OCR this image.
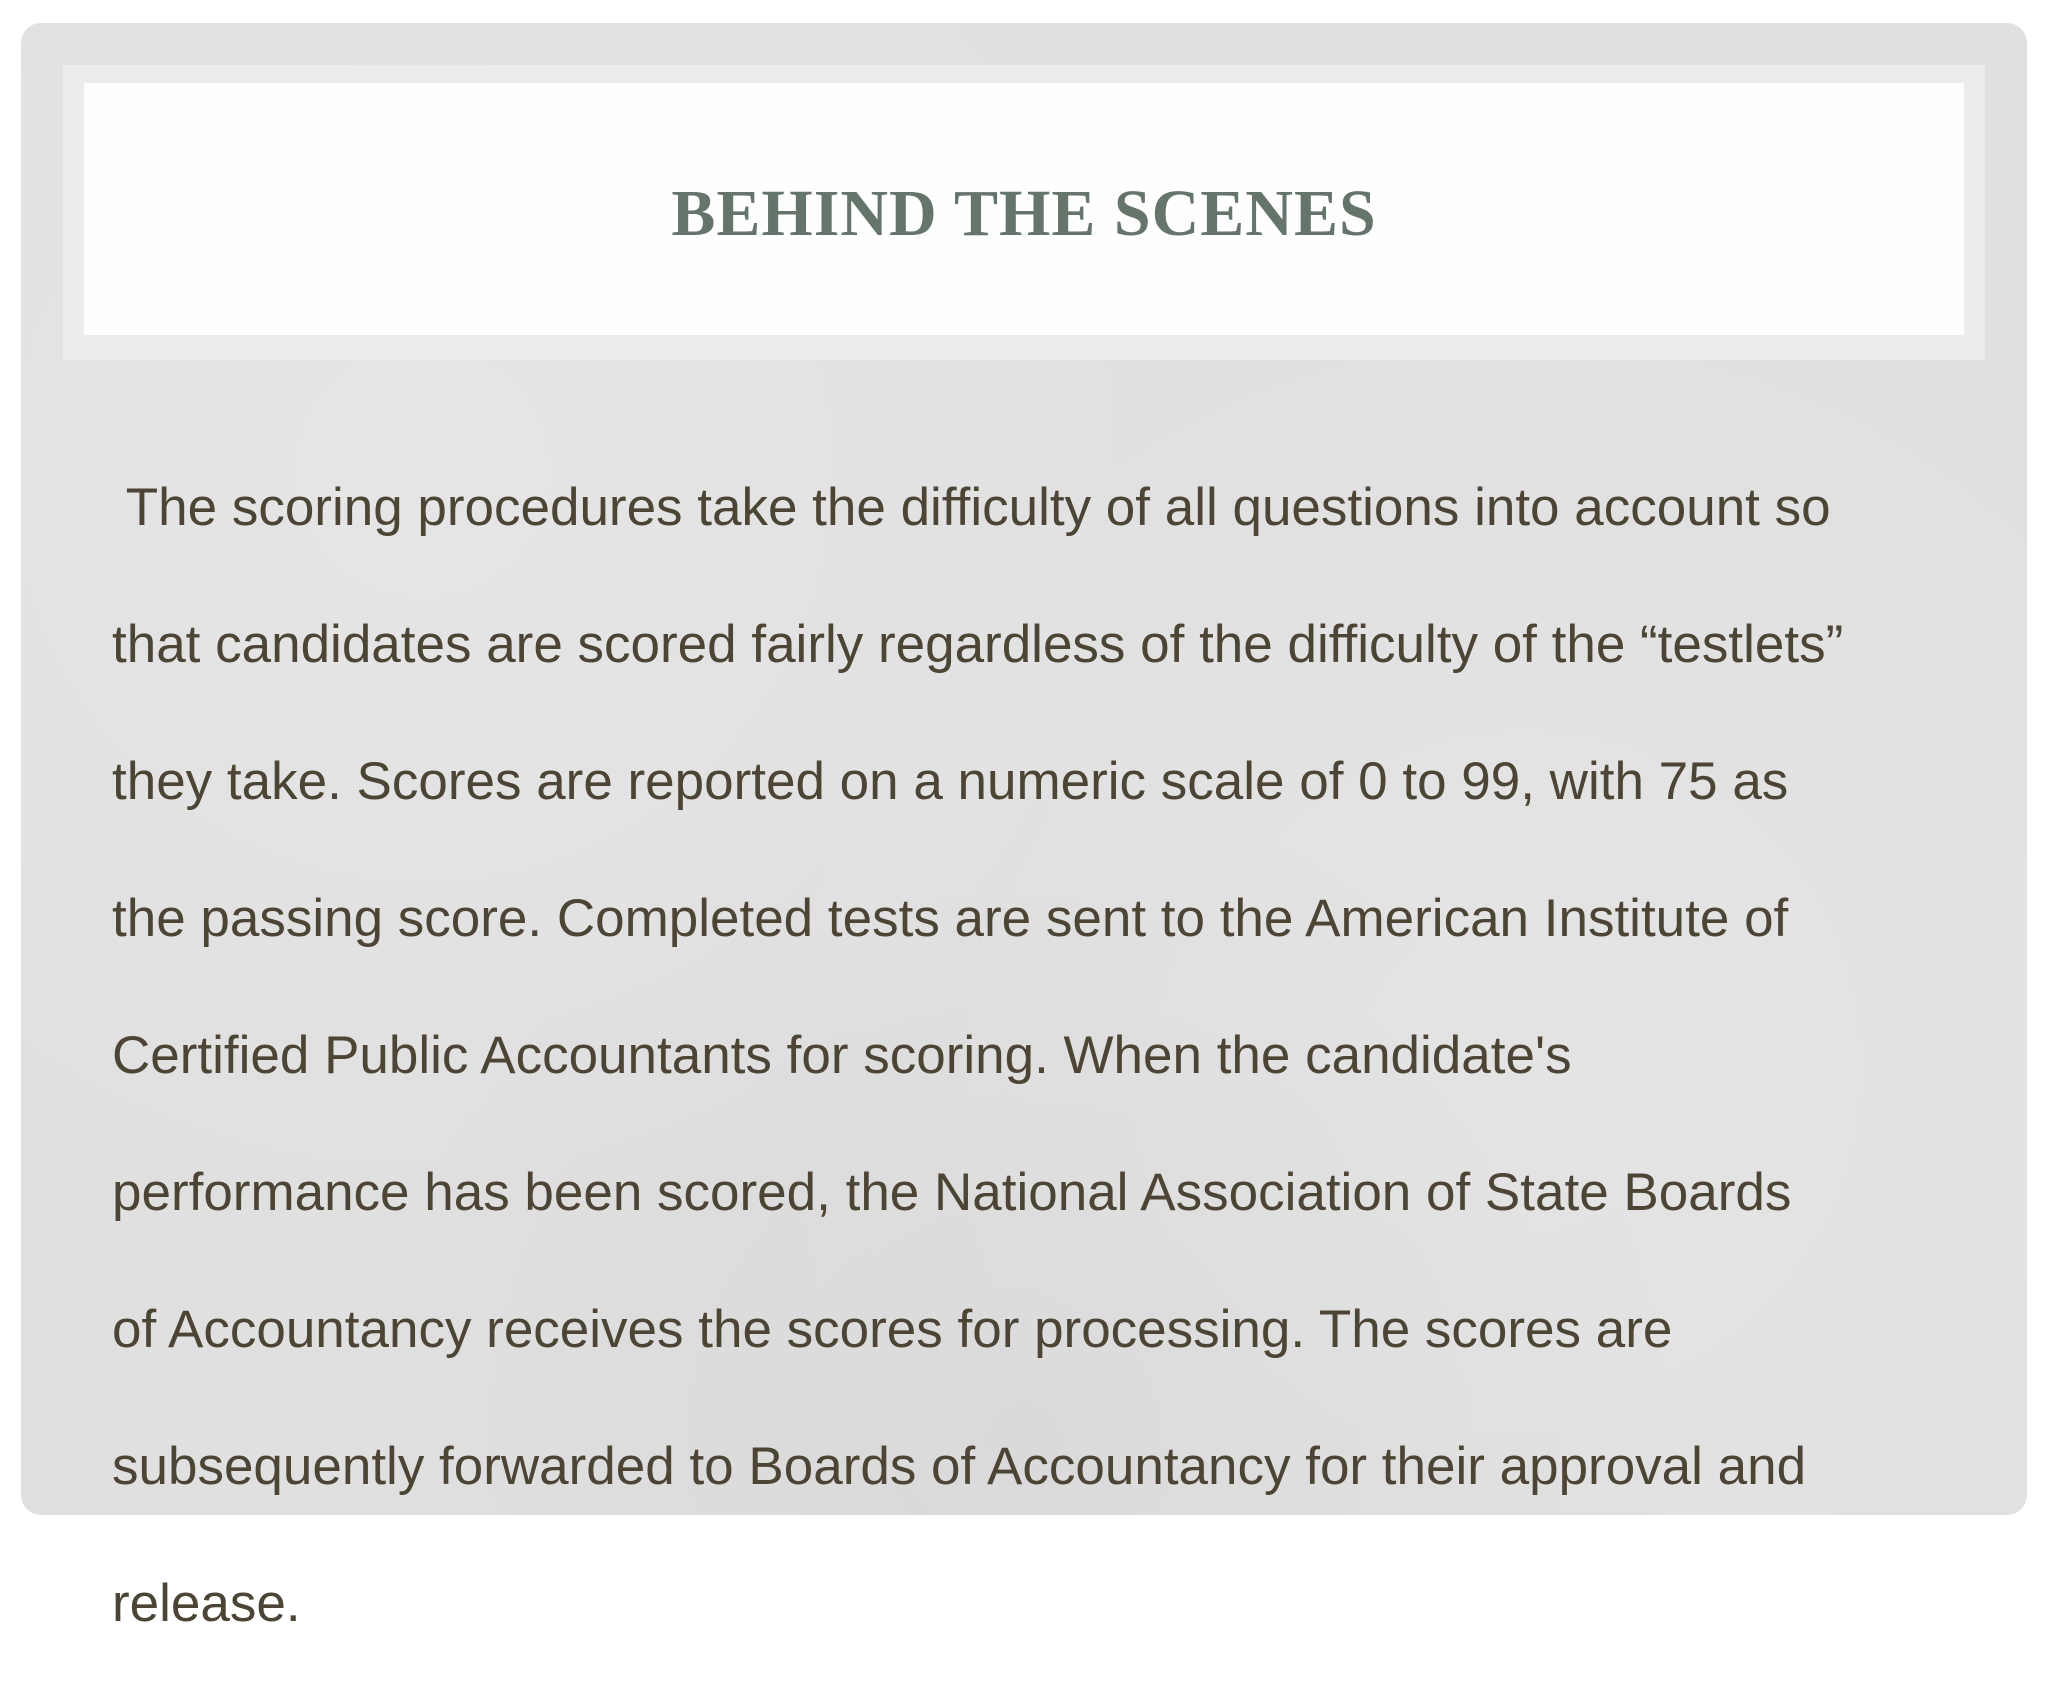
BEHIND THE SCENES

The scoring procedures take the difficulty of all questions into account so

that candidates are scored fairly regardless of the difficulty of the “testlets”

they take. Scores are reported on a numeric scale of 0 to 99, with 75 as

the passing score. Completed tests are sent to the American Institute of

Certified Public Accountants for scoring. When the candidate's

performance has been scored, the National Association of State Boards

of Accountancy receives the scores for processing. The scores are

subsequently forwarded to Boards of Accountancy for their approval and

release.
